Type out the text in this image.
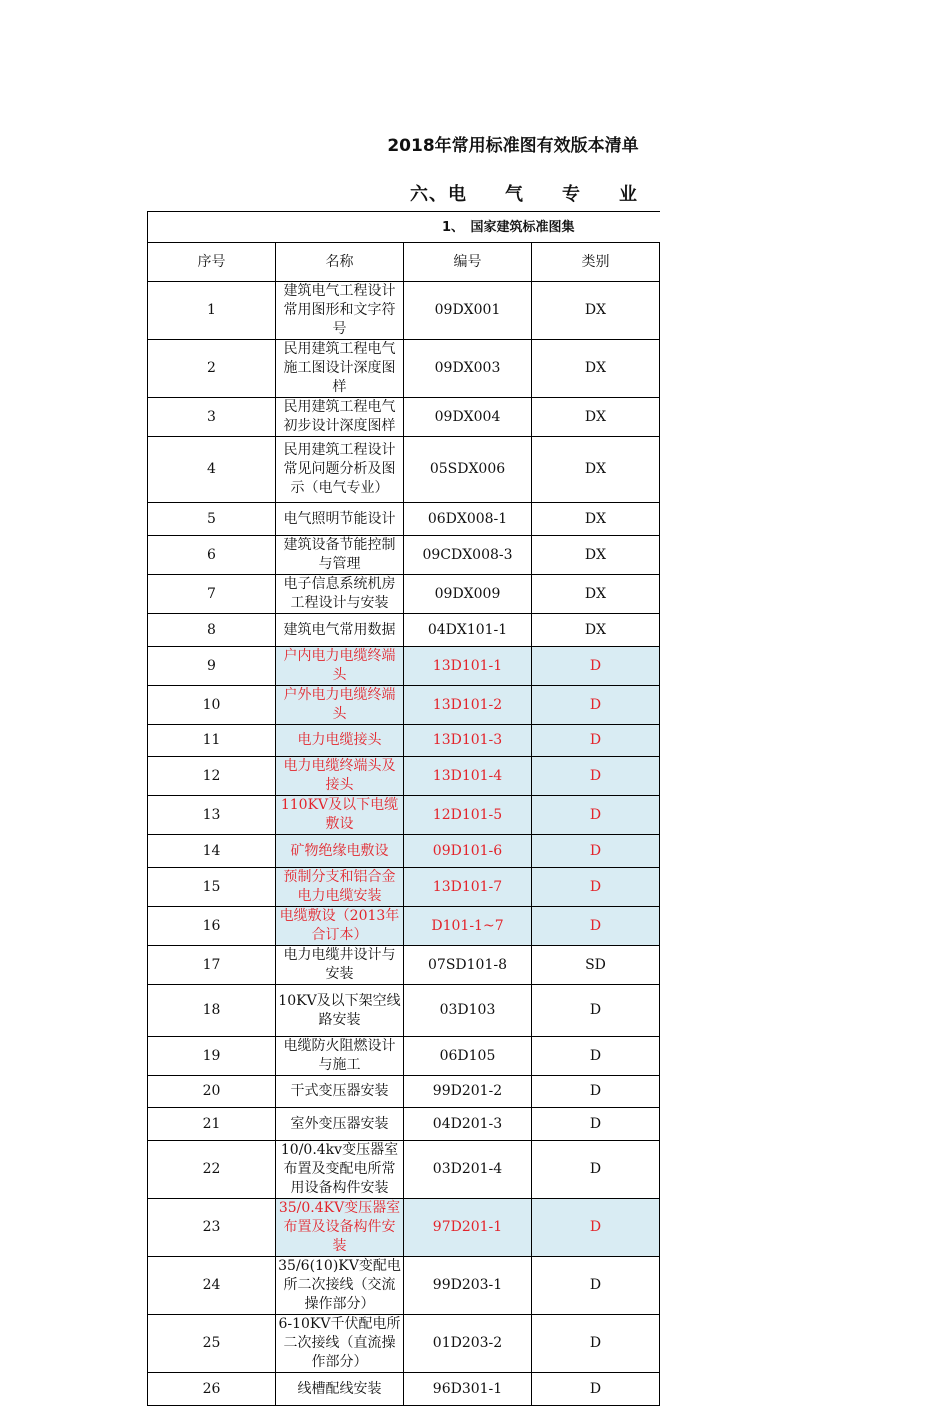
2018年常用标准图有效版本清单
六、电　　气　　专　　业
1、　国家建筑标准图集			
序号	名称	编号	类别
1	建筑电气工程设计常用图形和文字符号	09DX001	DX
2	民用建筑工程电气施工图设计深度图样	09DX003	DX
3	民用建筑工程电气初步设计深度图样	09DX004	DX
4	民用建筑工程设计常见问题分析及图示（电气专业）	05SDX006	DX
5	电气照明节能设计	06DX008-1	DX
6	建筑设备节能控制与管理	09CDX008-3	DX
7	电子信息系统机房工程设计与安装	09DX009	DX
8	建筑电气常用数据	04DX101-1	DX
9	户内电力电缆终端头	13D101-1	D
10	户外电力电缆终端头	13D101-2	D
11	电力电缆接头	13D101-3	D
12	电力电缆终端头及接头	13D101-4	D
13	110KV及以下电缆敷设	12D101-5	D
14	矿物绝缘电敷设	09D101-6	D
15	预制分支和铝合金电力电缆安装	13D101-7	D
16	电缆敷设（2013年合订本）	D101-1~7	D
17	电力电缆井设计与安装	07SD101-8	SD
18	10KV及以下架空线路安装	03D103	D
19	电缆防火阻燃设计与施工	06D105	D
20	干式变压器安装	99D201-2	D
21	室外变压器安装	04D201-3	D
22	10/0.4kv变压器室布置及变配电所常用设备构件安装	03D201-4	D
23	35/0.4KV变压器室布置及设备构件安装	97D201-1	D
24	35/6(10)KV变配电所二次接线（交流操作部分）	99D203-1	D
25	6-10KV千伏配电所二次接线（直流操作部分）	01D203-2	D
26	线槽配线安装	96D301-1	D
